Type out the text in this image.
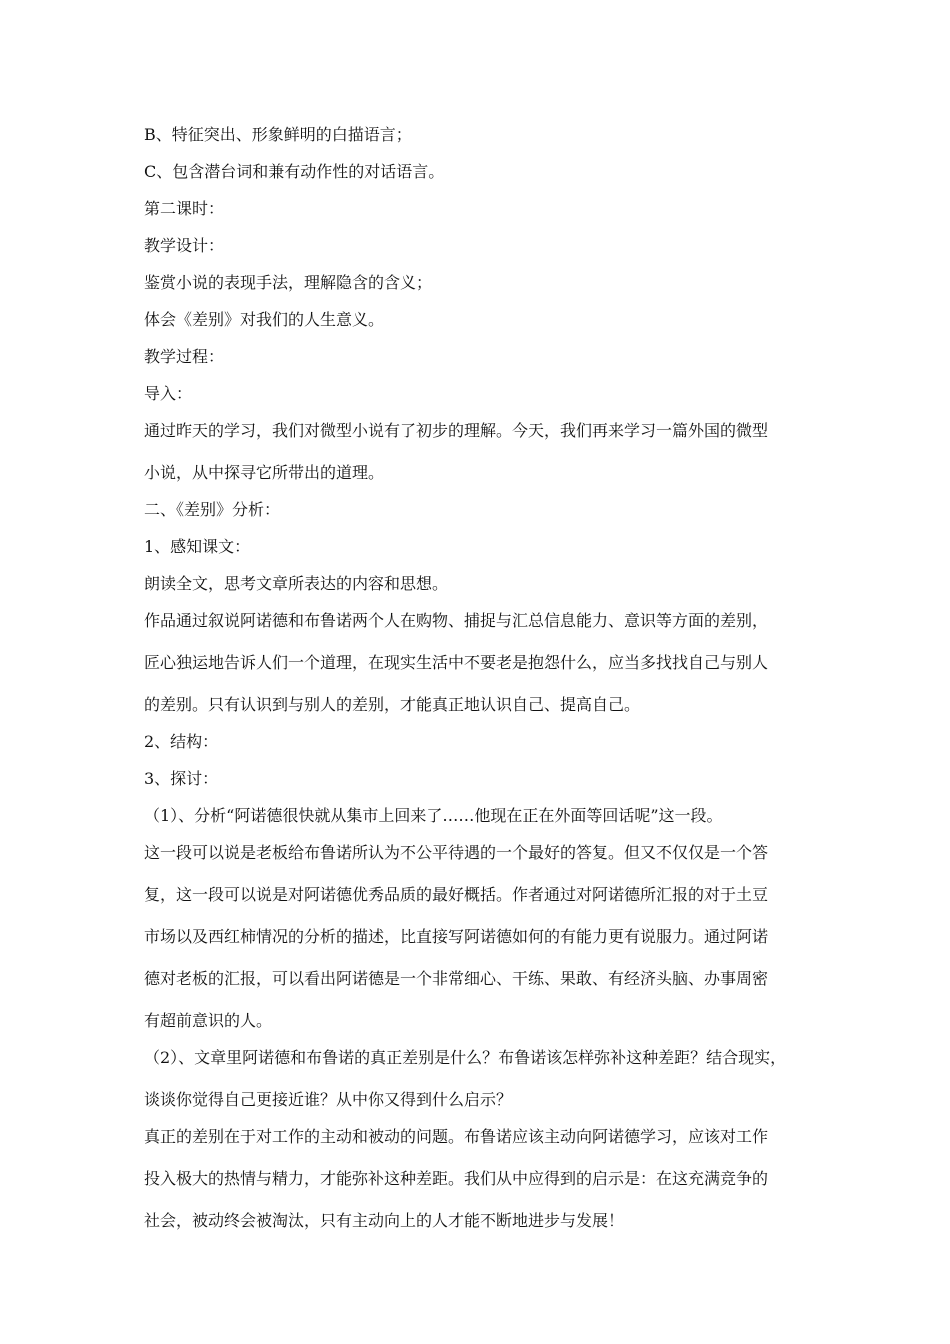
B、特征突出、形象鲜明的白描语言；

C、包含潜台词和兼有动作性的对话语言。

第二课时：

教学设计：

鉴赏小说的表现手法，理解隐含的含义；

体会《差别》对我们的人生意义。

教学过程：

导入：

通过昨天的学习，我们对微型小说有了初步的理解。今天，我们再来学习一篇外国的微型

小说，从中探寻它所带出的道理。

二、《差别》分析：

1、感知课文：

朗读全文，思考文章所表达的内容和思想。

作品通过叙说阿诺德和布鲁诺两个人在购物、捕捉与汇总信息能力、意识等方面的差别，

匠心独运地告诉人们一个道理，在现实生活中不要老是抱怨什么，应当多找找自己与别人

的差别。只有认识到与别人的差别，才能真正地认识自己、提高自己。

2、结构：

3、探讨：

（1）、分析“阿诺德很快就从集市上回来了……他现在正在外面等回话呢”这一段。

这一段可以说是老板给布鲁诺所认为不公平待遇的一个最好的答复。但又不仅仅是一个答

复，这一段可以说是对阿诺德优秀品质的最好概括。作者通过对阿诺德所汇报的对于土豆

市场以及西红柿情况的分析的描述，比直接写阿诺德如何的有能力更有说服力。通过阿诺

德对老板的汇报，可以看出阿诺德是一个非常细心、干练、果敢、有经济头脑、办事周密

有超前意识的人。

（2）、文章里阿诺德和布鲁诺的真正差别是什么？布鲁诺该怎样弥补这种差距？结合现实，

谈谈你觉得自己更接近谁？从中你又得到什么启示？

真正的差别在于对工作的主动和被动的问题。布鲁诺应该主动向阿诺德学习，应该对工作

投入极大的热情与精力，才能弥补这种差距。我们从中应得到的启示是：在这充满竞争的

社会，被动终会被淘汰，只有主动向上的人才能不断地进步与发展！
